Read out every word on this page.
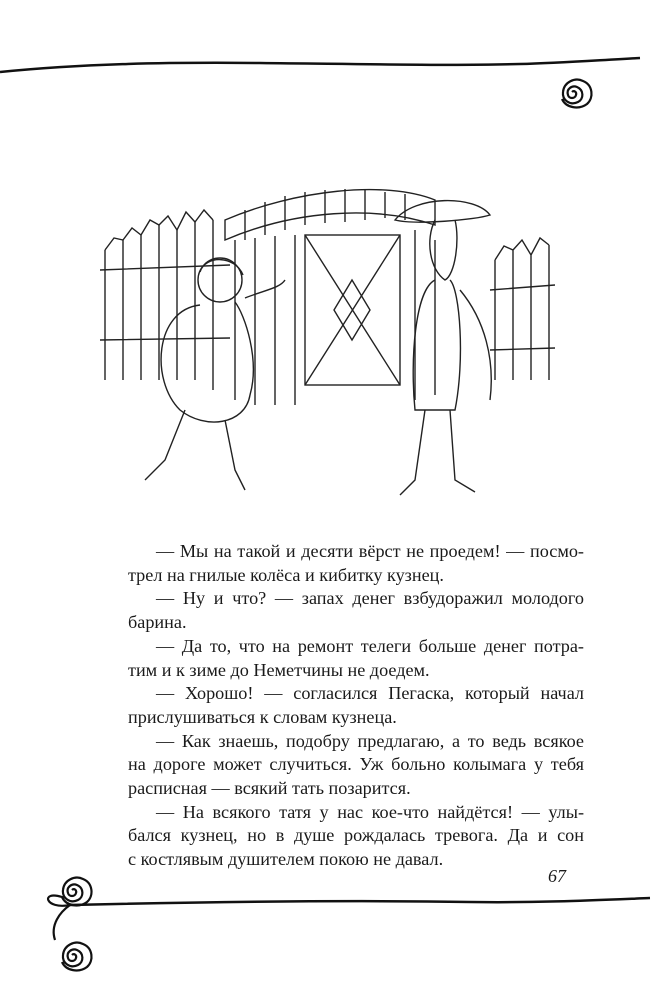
— Мы на такой и десяти вёрст не проедем! — посмо-
трел на гнилые колёса и кибитку кузнец.
— Ну и что? — запах денег взбудоражил молодого
барина.
— Да то, что на ремонт телеги больше денег потра-
тим и к зиме до Неметчины не доедем.
— Хорошо! — согласился Пегаска, который начал
прислушиваться к словам кузнеца.
— Как знаешь, подобру предлагаю, а то ведь всякое
на дороге может случиться. Уж больно колымага у тебя
расписная — всякий тать позарится.
— На всякого татя у нас кое-что найдётся! — улы-
бался кузнец, но в душе рождалась тревога. Да и сон
с костлявым душителем покою не давал.
67
